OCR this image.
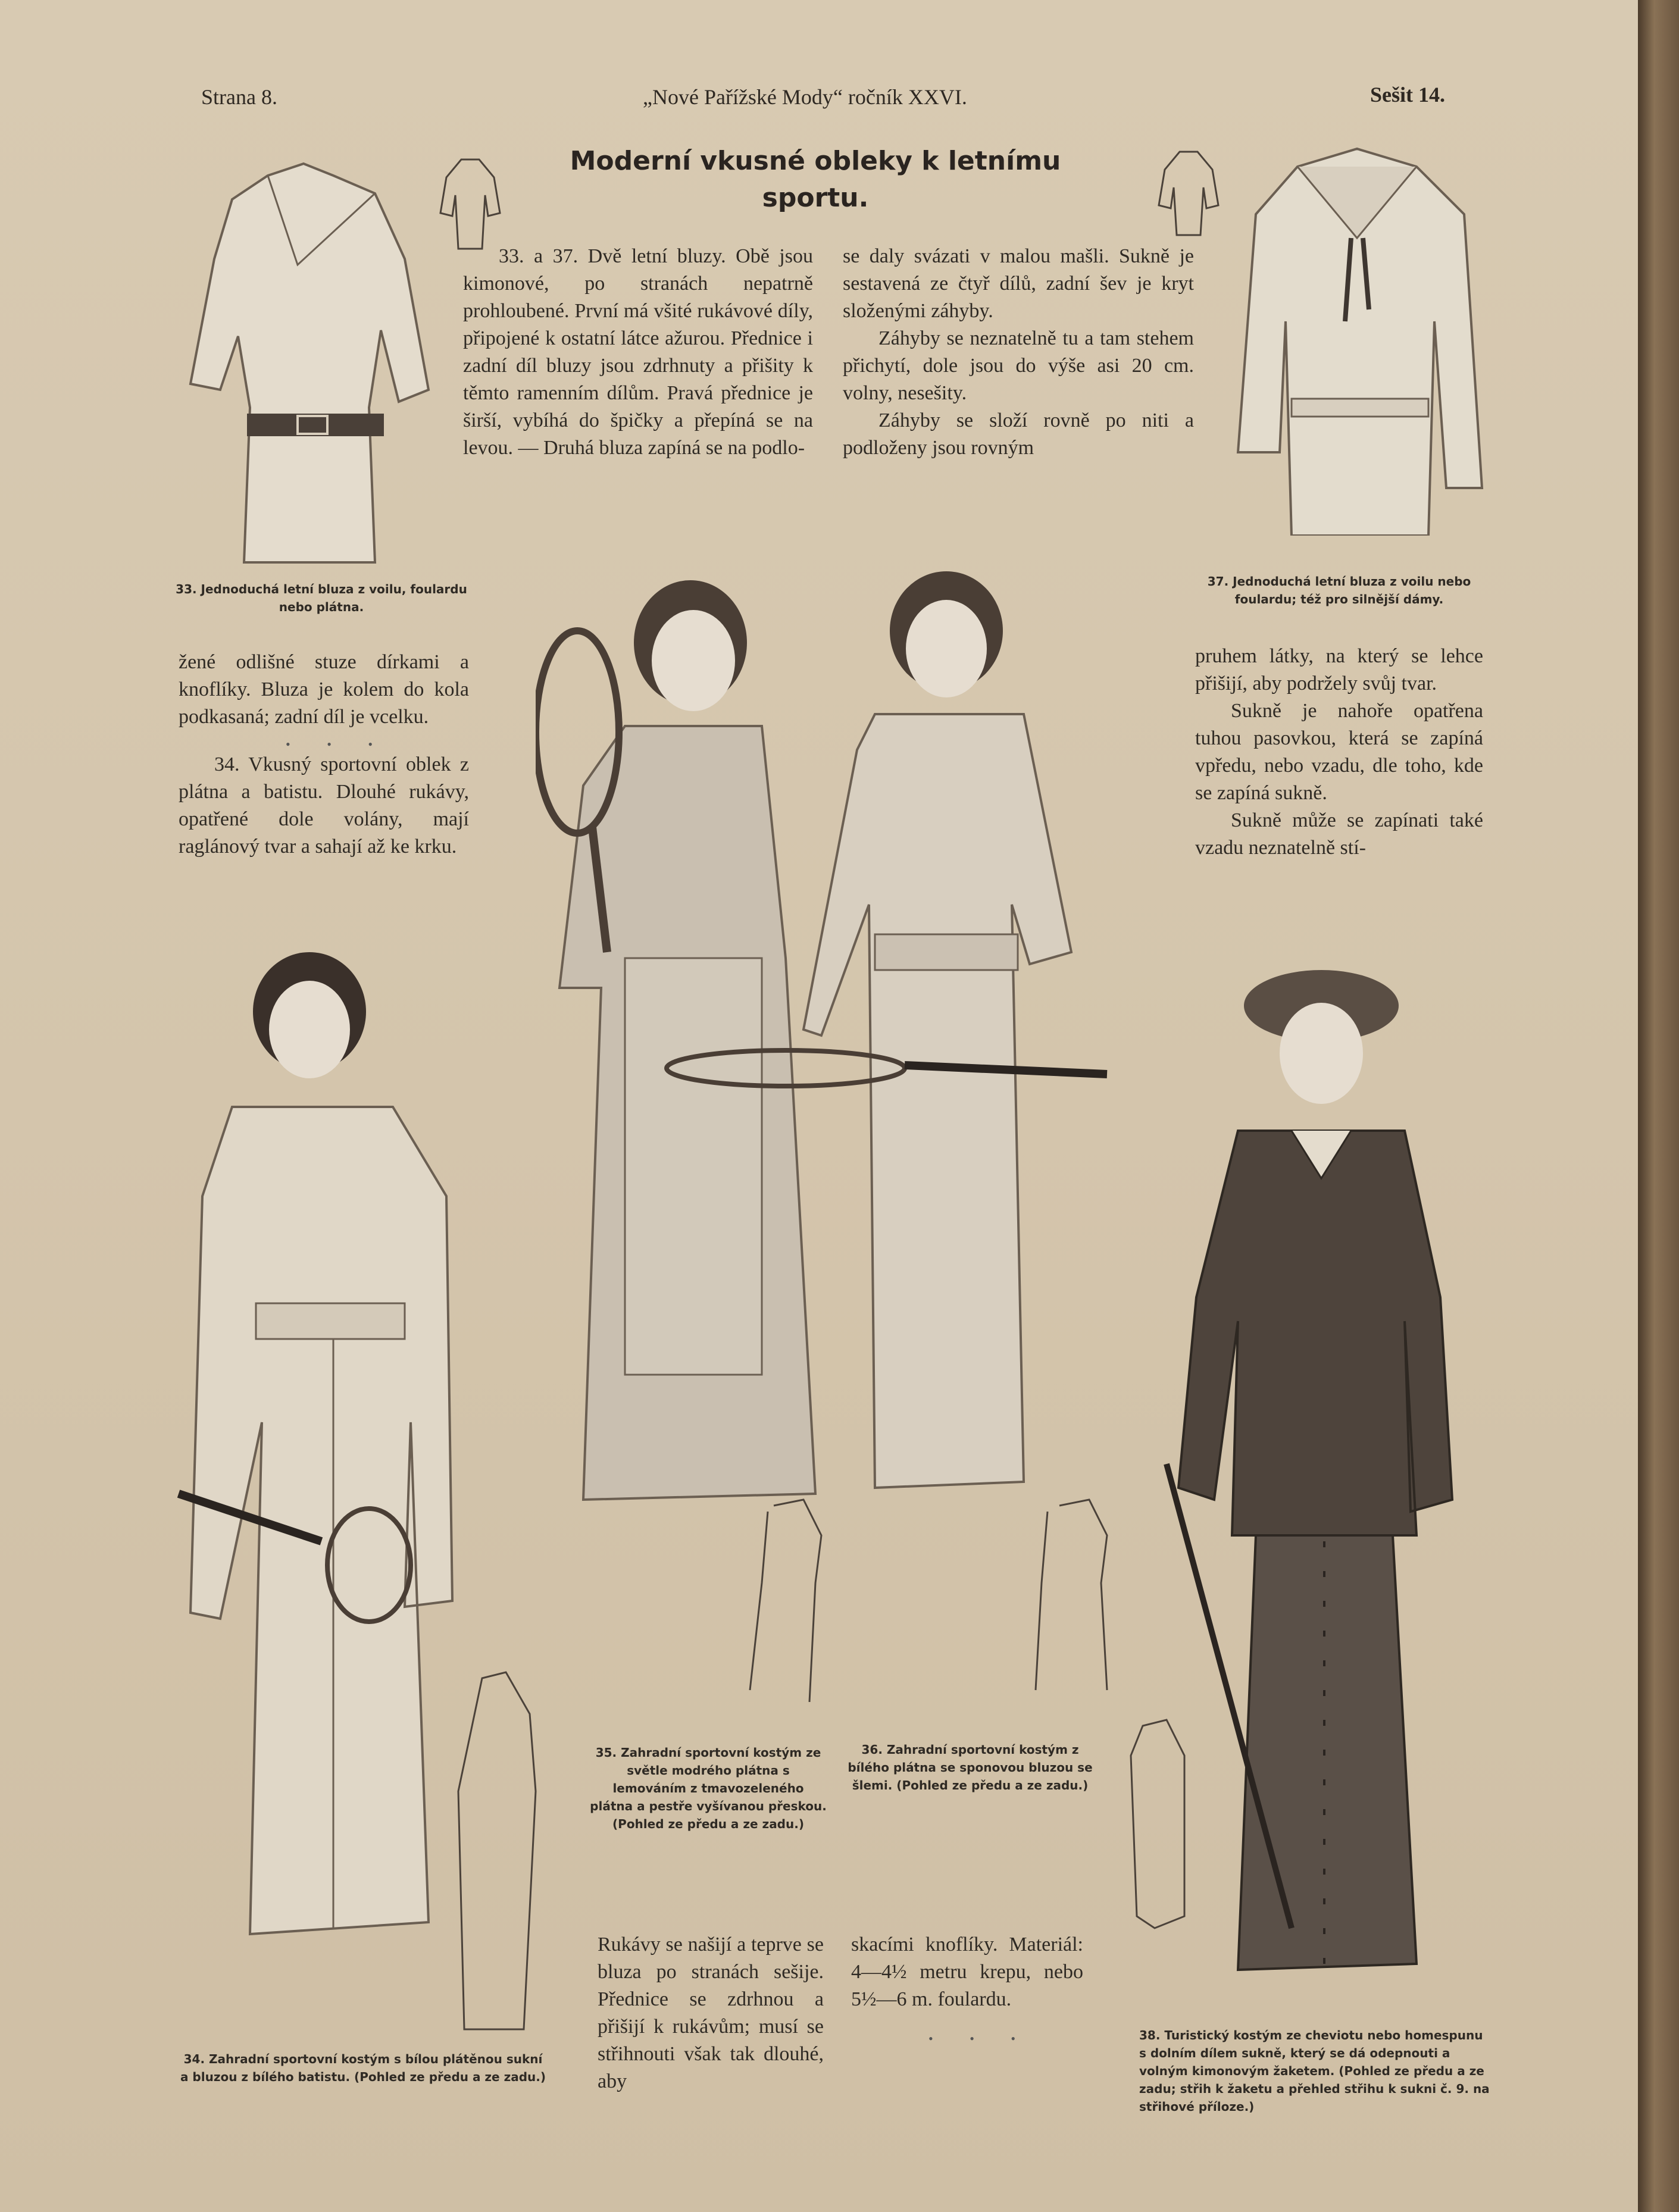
Strana 8.	„Nové Pařížské Mody“ ročník XXVI.	Sešit 14.
Moderní vkusné obleky k letnímu sportu.

33. a 37. Dvě letní bluzy. Obě jsou kimonové, po stranách nepatrně prohloubené. První má všité rukávové díly, připojené k ostatní látce ažurou. Přednice i zadní díl bluzy jsou zdrhnuty a přišity k těmto ramenním dílům. Pravá přednice je širší, vybíhá do špičky a přepíná se na levou. — Druhá bluza zapíná se na podlo-

se daly svázati v malou mašli. Sukně je sestavená ze čtyř dílů, zadní šev je kryt složenými záhyby.

Záhyby se neznatelně tu a tam stehem přichytí, dole jsou do výše asi 20 cm. volny, nesešity.

Záhyby se složí rovně po niti a podloženy jsou rovným

33. Jednoduchá letní bluza z voilu, foulardu nebo plátna.
37. Jednoduchá letní bluza z voilu nebo foulardu; též pro silnější dámy.

žené odlišné stuze dírkami a knoflíky. Bluza je kolem do kola podkasaná; zadní díl je vcelku.

• • •

34. Vkusný sportovní oblek z plátna a batistu. Dlouhé rukávy, opatřené dole volány, mají raglánový tvar a sahají až ke krku.

pruhem látky, na který se lehce přišijí, aby podržely svůj tvar.

Sukně je nahoře opatřena tuhou pasovkou, která se zapíná vpředu, nebo vzadu, dle toho, kde se zapíná sukně.

Sukně může se zapínati také vzadu neznatelně stí-

35. Zahradní sportovní kostým ze světle modrého plátna s lemováním z tmavozeleného plátna a pestře vyšívanou přeskou. (Pohled ze předu a ze zadu.)
36. Zahradní sportovní kostým z bílého plátna se sponovou bluzou se šlemi. (Pohled ze předu a ze zadu.)
34. Zahradní sportovní kostým s bílou plátěnou sukní a bluzou z bílého batistu. (Pohled ze předu a ze zadu.)

Rukávy se našijí a teprve se bluza po stranách sešije. Přednice se zdrhnou a přišijí k rukávům; musí se střihnouti však tak dlouhé, aby

skacími knoflíky. Materiál: 4—4½ metru krepu, nebo 5½—6 m. foulardu.

• • •	38. Turistický kostým ze cheviotu nebo homespunu s dolním dílem sukně, který se dá odepnouti a volným kimonovým žaketem. (Pohled ze předu a ze zadu; střih k žaketu a přehled střihu k sukni č. 9. na střihové příloze.)
